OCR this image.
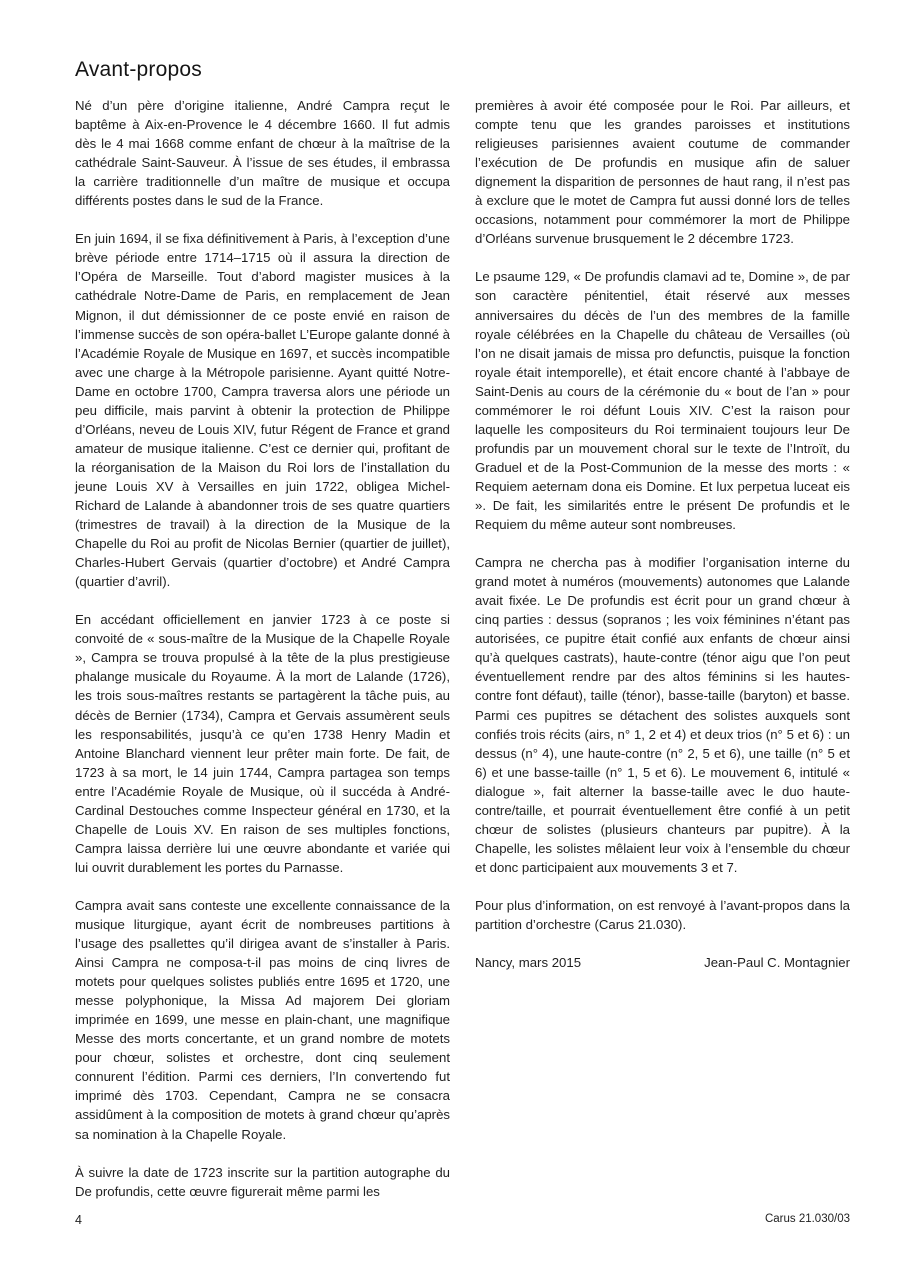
Avant-propos

Né d’un père d’origine italienne, André Campra reçut le baptême à Aix-en-Provence le 4 décembre 1660. Il fut admis dès le 4 mai 1668 comme enfant de chœur à la maîtrise de la cathédrale Saint-Sauveur. À l’issue de ses études, il embrassa la carrière traditionnelle d’un maître de musique et occupa différents postes dans le sud de la France.

En juin 1694, il se fixa définitivement à Paris, à l’exception d’une brève période entre 1714–1715 où il assura la direction de l’Opéra de Marseille. Tout d’abord magister musices à la cathédrale Notre-Dame de Paris, en remplacement de Jean Mignon, il dut démissionner de ce poste envié en raison de l’immense succès de son opéra-ballet L’Europe galante donné à l’Académie Royale de Musique en 1697, et succès incompatible avec une charge à la Métropole parisienne. Ayant quitté Notre-Dame en octobre 1700, Campra traversa alors une période un peu difficile, mais parvint à obtenir la protection de Philippe d’Orléans, neveu de Louis XIV, futur Régent de France et grand amateur de musique italienne. C’est ce dernier qui, profitant de la réorganisation de la Maison du Roi lors de l’installation du jeune Louis XV à Versailles en juin 1722, obligea Michel-Richard de Lalande à abandonner trois de ses quatre quartiers (trimestres de travail) à la direction de la Musique de la Chapelle du Roi au profit de Nicolas Bernier (quartier de juillet), Charles-Hubert Gervais (quartier d’octobre) et André Campra (quartier d’avril).

En accédant officiellement en janvier 1723 à ce poste si convoité de « sous-maître de la Musique de la Chapelle Royale », Campra se trouva propulsé à la tête de la plus prestigieuse phalange musicale du Royaume. À la mort de Lalande (1726), les trois sous-maîtres restants se partagèrent la tâche puis, au décès de Bernier (1734), Campra et Gervais assumèrent seuls les responsabilités, jusqu’à ce qu’en 1738 Henry Madin et Antoine Blanchard viennent leur prêter main forte. De fait, de 1723 à sa mort, le 14 juin 1744, Campra partagea son temps entre l’Académie Royale de Musique, où il succéda à André-Cardinal Destouches comme Inspecteur général en 1730, et la Chapelle de Louis XV. En raison de ses multiples fonctions, Campra laissa derrière lui une œuvre abondante et variée qui lui ouvrit durablement les portes du Parnasse.

Campra avait sans conteste une excellente connaissance de la musique liturgique, ayant écrit de nombreuses partitions à l’usage des psallettes qu’il dirigea avant de s’installer à Paris. Ainsi Campra ne composa-t-il pas moins de cinq livres de motets pour quelques solistes publiés entre 1695 et 1720, une messe polyphonique, la Missa Ad majorem Dei gloriam imprimée en 1699, une messe en plain-chant, une magnifique Messe des morts concertante, et un grand nombre de motets pour chœur, solistes et orchestre, dont cinq seulement connurent l’édition. Parmi ces derniers, l’In convertendo fut imprimé dès 1703. Cependant, Campra ne se consacra assidûment à la composition de motets à grand chœur qu’après sa nomination à la Chapelle Royale.

À suivre la date de 1723 inscrite sur la partition autographe du De profundis, cette œuvre figurerait même parmi les

premières à avoir été composée pour le Roi. Par ailleurs, et compte tenu que les grandes paroisses et institutions religieuses parisiennes avaient coutume de commander l’exécution de De profundis en musique afin de saluer dignement la disparition de personnes de haut rang, il n’est pas à exclure que le motet de Campra fut aussi donné lors de telles occasions, notamment pour commémorer la mort de Philippe d’Orléans survenue brusquement le 2 décembre 1723.

Le psaume 129, « De profundis clamavi ad te, Domine », de par son caractère pénitentiel, était réservé aux messes anniversaires du décès de l’un des membres de la famille royale célébrées en la Chapelle du château de Versailles (où l’on ne disait jamais de missa pro defunctis, puisque la fonction royale était intemporelle), et était encore chanté à l’abbaye de Saint-Denis au cours de la cérémonie du « bout de l’an » pour commémorer le roi défunt Louis XIV. C’est la raison pour laquelle les compositeurs du Roi terminaient toujours leur De profundis par un mouvement choral sur le texte de l’Introït, du Graduel et de la Post-Communion de la messe des morts : « Requiem aeternam dona eis Domine. Et lux perpetua luceat eis ». De fait, les similarités entre le présent De profundis et le Requiem du même auteur sont nombreuses.

Campra ne chercha pas à modifier l’organisation interne du grand motet à numéros (mouvements) autonomes que Lalande avait fixée. Le De profundis est écrit pour un grand chœur à cinq parties : dessus (sopranos ; les voix féminines n’étant pas autorisées, ce pupitre était confié aux enfants de chœur ainsi qu’à quelques castrats), haute-contre (ténor aigu que l’on peut éventuellement rendre par des altos féminins si les hautes-contre font défaut), taille (ténor), basse-taille (baryton) et basse. Parmi ces pupitres se détachent des solistes auxquels sont confiés trois récits (airs, n° 1, 2 et 4) et deux trios (n° 5 et 6) : un dessus (n° 4), une haute-contre (n° 2, 5 et 6), une taille (n° 5 et 6) et une basse-taille (n° 1, 5 et 6). Le mouvement 6, intitulé « dialogue », fait alterner la basse-taille avec le duo haute-contre/taille, et pourrait éventuellement être confié à un petit chœur de solistes (plusieurs chanteurs par pupitre). À la Chapelle, les solistes mêlaient leur voix à l’ensemble du chœur et donc participaient aux mouvements 3 et 7.

Pour plus d’information, on est renvoyé à l’avant-propos dans la partition d’orchestre (Carus 21.030).

Nancy, mars 2015	Jean-Paul C. Montagnier
4	Carus 21.030/03
